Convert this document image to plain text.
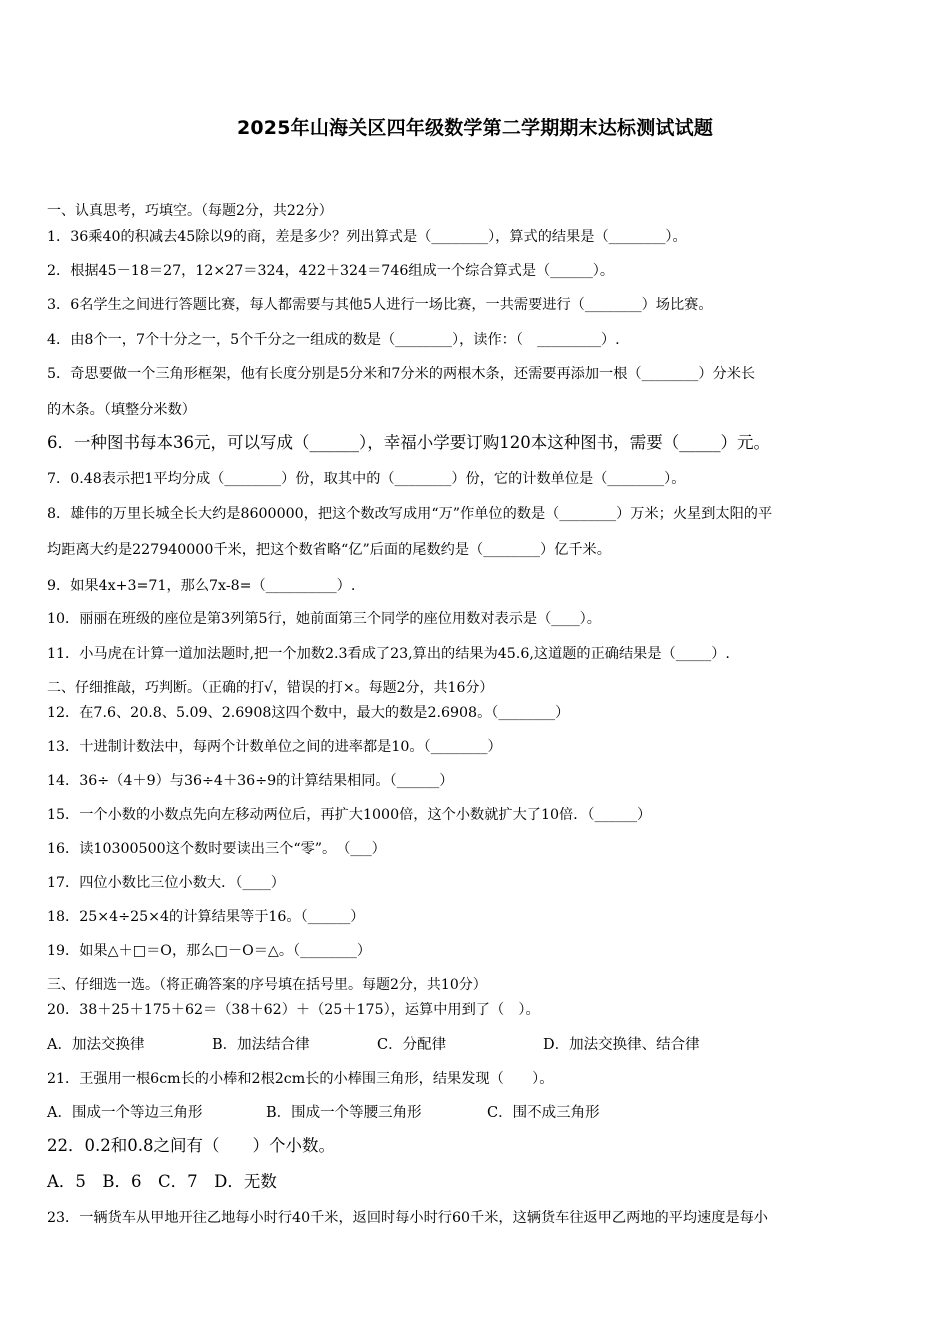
2025年山海关区四年级数学第二学期期末达标测试试题
一、认真思考，巧填空。（每题2分，共22分）
1．36乘40的积减去45除以9的商，差是多少？列出算式是（________），算式的结果是（________）。
2．根据45－18＝27，12×27＝324，422＋324＝746组成一个综合算式是（______）。
3．6名学生之间进行答题比赛，每人都需要与其他5人进行一场比赛，一共需要进行（________）场比赛。
4．由8个一，7个十分之一，5个千分之一组成的数是（________），读作：（　_________）.
5．奇思要做一个三角形框架，他有长度分别是5分米和7分米的两根木条，还需要再添加一根（________）分米长
的木条。（填整分米数）
6．一种图书每本36元，可以写成（______），幸福小学要订购120本这种图书，需要（_____）元。
7．0.48表示把1平均分成（________）份，取其中的（________）份，它的计数单位是（________）。
8．雄伟的万里长城全长大约是8600000，把这个数改写成用“万”作单位的数是（________）万米；火星到太阳的平
均距离大约是227940000千米，把这个数省略“亿”后面的尾数约是（________）亿千米。
9．如果4x+3=71，那么7x-8=（__________）.
10．丽丽在班级的座位是第3列第5行，她前面第三个同学的座位用数对表示是（____）。
11．小马虎在计算一道加法题时,把一个加数2.3看成了23,算出的结果为45.6,这道题的正确结果是（_____）.
二、仔细推敲，巧判断。（正确的打√，错误的打×。每题2分，共16分）
12．在7.6、20.8、5.09、2.6908这四个数中，最大的数是2.6908。（________）
13．十进制计数法中，每两个计数单位之间的进率都是10。（________）
14．36÷（4＋9）与36÷4＋36÷9的计算结果相同。（______）
15．一个小数的小数点先向左移动两位后，再扩大1000倍，这个小数就扩大了10倍．（______）
16．读10300500这个数时要读出三个“零”。　（___）
17．四位小数比三位小数大．（____）
18．25×4÷25×4的计算结果等于16。（______）
19．如果△＋□＝O，那么□－O＝△。（________）
三、仔细选一选。（将正确答案的序号填在括号里。每题2分，共10分）
20．38＋25＋175＋62＝（38＋62）＋（25＋175），运算中用到了（　）。
A．加法交换律	B．加法结合律	C．分配律	D．加法交换律、结合律
21．王强用一根6cm长的小棒和2根2cm长的小棒围三角形，结果发现（　　）。
A．围成一个等边三角形	B．围成一个等腰三角形	C．围不成三角形
22．0.2和0.8之间有（　　）个小数。
A．5　B．6　C．7　D．无数
23．一辆货车从甲地开往乙地每小时行40千米，返回时每小时行60千米，这辆货车往返甲乙两地的平均速度是每小
